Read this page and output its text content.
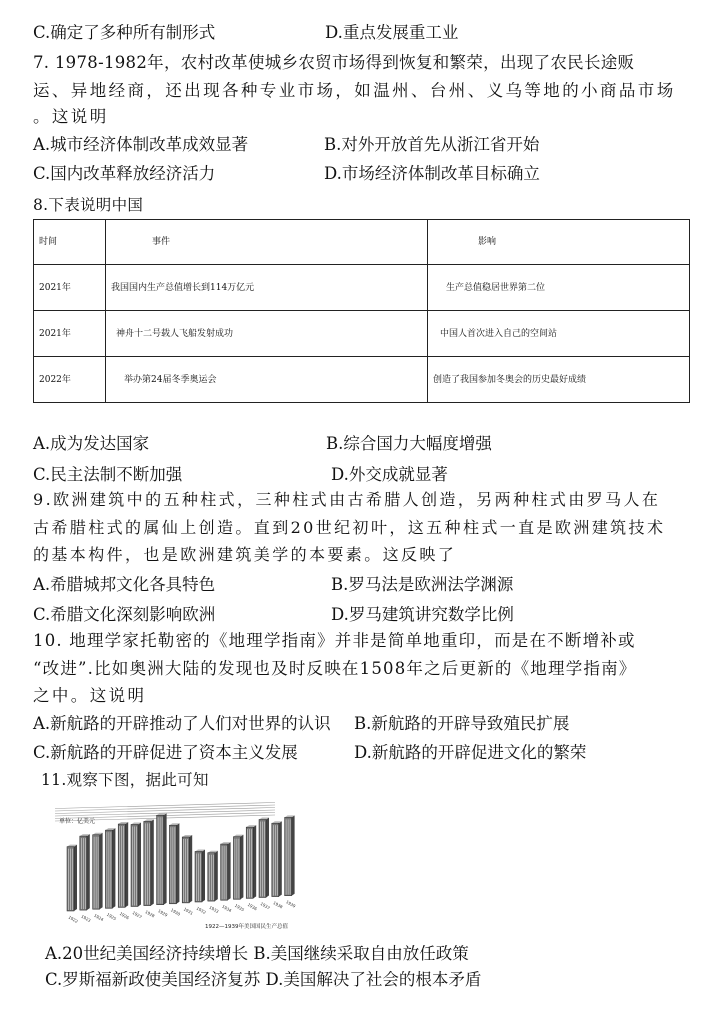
C.确定了多种所有制形式	D.重点发展重工业
7. 1978-1982年，农村改革使城乡农贸市场得到恢复和繁荣，出现了农民长途贩
运、异地经商，还出现各种专业市场，如温州、台州、义乌等地的小商品市场
。这说明
A.城市经济体制改革成效显著	B.对外开放首先从浙江省开始
C.国内改革释放经济活力	D.市场经济体制改革目标确立
8.下表说明中国
时间	事件	影响
2021年	我国国内生产总值增长到114万亿元	生产总值稳居世界第二位
2021年	神舟十二号载人飞船发射成功	中国人首次进入自己的空间站
2022年	举办第24届冬季奥运会	创造了我国参加冬奥会的历史最好成绩
A.成为发达国家	B.综合国力大幅度增强
C.民主法制不断加强	D.外交成就显著
9.欧洲建筑中的五种柱式，三种柱式由古希腊人创造，另两种柱式由罗马人在
古希腊柱式的属仙上创造。直到20世纪初叶，这五种柱式一直是欧洲建筑技术
的基本构件，也是欧洲建筑美学的本要素。这反映了
A.希腊城邦文化各具特色	B.罗马法是欧洲法学渊源
C.希腊文化深刻影响欧洲	D.罗马建筑讲究数学比例
10. 地理学家托勒密的《地理学指南》并非是简单地重印，而是在不断增补或
“改进”.比如奥洲大陆的发现也及时反映在1508年之后更新的《地理学指南》
之中。这说明
A.新航路的开辟推动了人们对世界的认识 B.新航路的开辟导致殖民扩展
C.新航路的开辟促进了资本主义发展	D.新航路的开辟促进文化的繁荣
11.观察下图，据此可知
1922 1923 1924 1925 1926 1927 1928 1929 1930 1931 1932 1933 1934 1935 1936 1937 1938 1939
单位：亿美元
1922—1939年美国国民生产总值
A.20世纪美国经济持续增长 B.美国继续采取自由放任政策
C.罗斯福新政使美国经济复苏 D.美国解决了社会的根本矛盾
